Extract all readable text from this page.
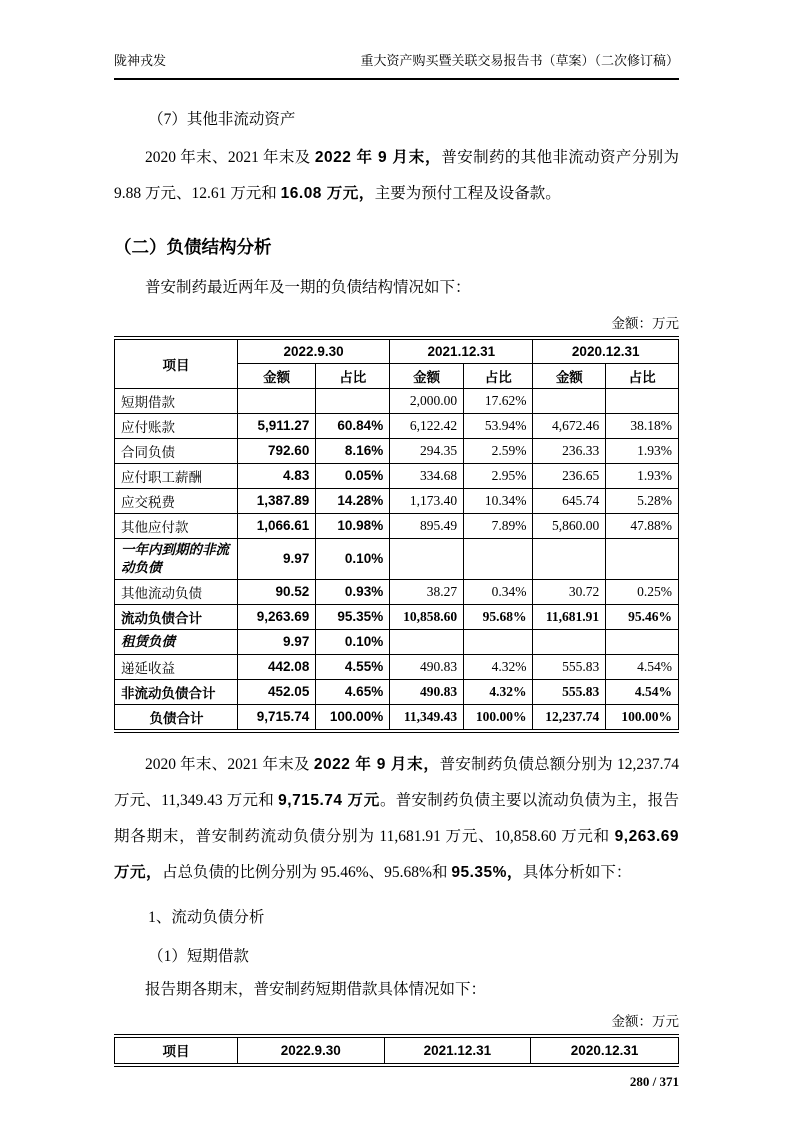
陇神戎发	重大资产购买暨关联交易报告书（草案）（二次修订稿）
（7）其他非流动资产

2020 年末、2021 年末及 2022 年 9 月末，普安制药的其他非流动资产分别为 9.88 万元、12.61 万元和 16.08 万元，主要为预付工程及设备款。

（二）负债结构分析

普安制药最近两年及一期的负债结构情况如下：

金额：万元
项目	2022.9.30		2021.12.31		2020.12.31	
	金额	占比	金额	占比	金额	占比
短期借款			2,000.00	17.62%		
应付账款	5,911.27	60.84%	6,122.42	53.94%	4,672.46	38.18%
合同负债	792.60	8.16%	294.35	2.59%	236.33	1.93%
应付职工薪酬	4.83	0.05%	334.68	2.95%	236.65	1.93%
应交税费	1,387.89	14.28%	1,173.40	10.34%	645.74	5.28%
其他应付款	1,066.61	10.98%	895.49	7.89%	5,860.00	47.88%
一年内到期的非流动负债	9.97	0.10%				
其他流动负债	90.52	0.93%	38.27	0.34%	30.72	0.25%
流动负债合计	9,263.69	95.35%	10,858.60	95.68%	11,681.91	95.46%
租赁负债	9.97	0.10%				
递延收益	442.08	4.55%	490.83	4.32%	555.83	4.54%
非流动负债合计	452.05	4.65%	490.83	4.32%	555.83	4.54%
负债合计	9,715.74	100.00%	11,349.43	100.00%	12,237.74	100.00%

2020 年末、2021 年末及 2022 年 9 月末，普安制药负债总额分别为 12,237.74 万元、11,349.43 万元和 9,715.74 万元。普安制药负债主要以流动负债为主，报告期各期末，普安制药流动负债分别为 11,681.91 万元、10,858.60 万元和 9,263.69 万元，占总负债的比例分别为 95.46%、95.68%和 95.35%，具体分析如下：

1、流动负债分析
（1）短期借款

报告期各期末，普安制药短期借款具体情况如下：

金额：万元
项目	2022.9.30	2021.12.31	2020.12.31
280 / 371
